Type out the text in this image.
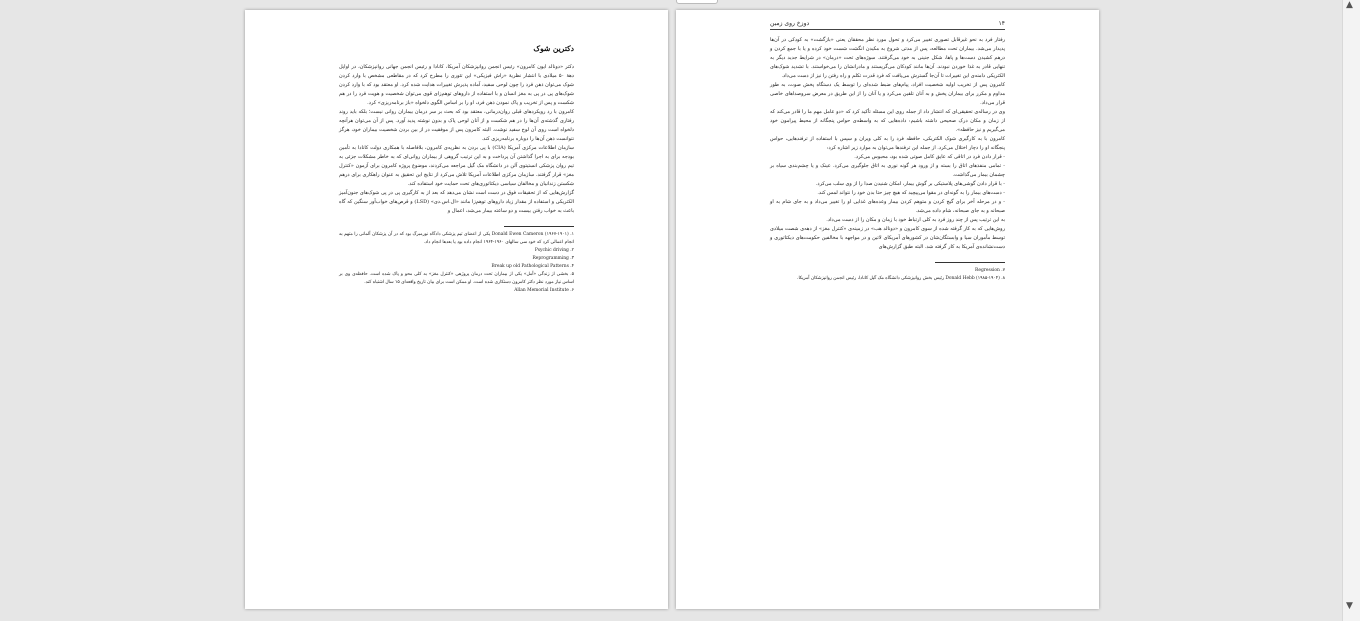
▲
▼
دکترین شوک

دکتر «دونالد ایون کامرون» رئیس انجمن روانپزشکان آمریکا، کانادا و رئیس انجمن جهانی روانپزشکان، در اوایل دههٔ ۵۰ میلادی با انتشار نظریهٔ «راش فیزیکی» این تئوری را مطرح کرد که در مقاطعی مشخص با وارد کردن شوک می‌توان ذهن فرد را چون لوحی سفید، آماده پذیرش تغییرات هدایت شده کرد. او معتقد بود که با وارد کردن شوک‌های پی در پی به مغز انسان و با استفاده از داروهای توهم‌زای قوی می‌توان شخصیت و هویت فرد را در هم شکست و پس از تخریب و پاک نمودن ذهن فرد، او را بر اساس الگوی دلخواه «باز برنامه‌ریزی» کرد.

کامرون با رد رویکردهای قبلی روان‌درمانی، معتقد بود که بحث بر سر درمان بیماران روانی نیست؛ بلکه باید روند رفتاری گذشته‌ی آن‌ها را در هم شکست و از آنان لوحی پاک و بدون نوشته پدید آورد. پس از آن می‌توان هرآنچه دلخواه است روی آن لوح سفید نوشت. البته کامرون پس از موفقیت در از بین بردن شخصیت بیماران خود، هرگز نتوانست ذهن آن‌ها را دوباره برنامه‌ریزی کند.

سازمان اطلاعات مرکزی آمریکا (CIA) با پی بردن به نظریه‌ی کامرون، بلافاصله با همکاری دولت کانادا به تأمین بودجه برای به اجرا گذاشتن آن پرداخت و به این ترتیب گروهی از بیماران روانی‌ای که به خاطر مشکلات جزئی به تیم روان پزشکی انستیتوی آلن در دانشگاه مک گیل مراجعه می‌کردند، موضوع پروژه کامرون برای آزمون «کنترل مغز» قرار گرفتند. سازمان مرکزی اطلاعات آمریکا تلاش می‌کرد از نتایج این تحقیق به عنوان راهکاری برای درهم شکستن زندانیان و مخالفان سیاسی دیکتاتوری‌های تحت حمایت خود استفاده کند.

گزارش‌هایی که از تحقیقات فوق در دست است نشان می‌دهد که بعد از به کارگیری پی در پی شوک‌های جنون‌آمیز الکتریکی و استفاده از مقدار زیاد داروهای توهم‌زا مانند «ال.اس.دی» (LSD) و قرص‌های خواب‌آور سنگین که گاه باعث به خواب رفتن بیست و دو ساعته بیمار می‌شد، اعمال و

۱. Donald Ewen Cameron (۱۹۶۷-۱۹۰۱) یکی از اعضای تیم پزشکی دادگاه نورمبرگ بود که در آن پزشکان آلمانی را متهم به انجام اعمالی کرد که خود سی سالهای ۱۹۶۰-۱۹۶۴ انجام داده بود یا بعدها انجام داد.

۲. Psychic driving

۳. Reprogramming

۴. Break up old Pathological Patterns

۵. بخشی از زندگی «آمل» یکی از بیماران تحت درمان پروژهی «کنترل مغز» به کلی محو و پاک شده است. حافظه‌ی وی بر اساس نیاز مورد نظر دکتر کامرون دستکاری شده است. او ممکن است برای بیان تاریخ واقعه‌ای ۱۵ سال اشتباه کند.

۶. Allan Memorial Institute

۱۴
دوزخ روی زمین

رفتار فرد به نحو غیرقابل تصوری تغییر می‌کرد و تحول مورد نظر محققان یعنی «بازگشت» به کودکی در آن‌ها پدیدار می‌شد. بیماران تحت مطالعه، پس از مدتی شروع به مکیدن انگشت شست خود کرده و یا با جمع کردن و درهم کشیدن دست‌ها و پاها، شکل جنینی به خود می‌گرفتند. سوژه‌های تحت «درمان» در شرایط جدید دیگر به تنهایی قادر به غذا خوردن نبودند. آن‌ها مانند کودکان می‌گریستند و مادرانشان را می‌خواستند. با تشدید شوک‌های الکتریکی دامنه‌ی این تغییرات تا آن‌جا گسترش می‌یافت که فرد قدرت تکلم و راه رفتن را نیز از دست می‌داد.

کامرون پس از تخریب اولیه شخصیت افراد، پیام‌های ضبط شده‌ای را توسط یک دستگاه پخش صوت، به طور مداوم و مکرر برای بیماران پخش و به آنان تلقین می‌کرد و یا آنان را از این طریق در معرض سروصداهای خاصی قرار می‌داد.

وی در رساله‌ی تحقیقی‌ای که انتشار داد از جمله روی این مسئله تأکید کرد که «دو عامل مهم ما را قادر می‌کند که از زمان و مکان درک صحیحی داشته باشیم: داده‌هایی که به واسطه‌ی حواس پنجگانه از محیط پیرامون خود می‌گیریم و نیز حافظه».

کامرون با به کارگیری شوک الکتریکی، حافظه فرد را به کلی ویران و سپس با استفاده از ترفندهایی، حواس پنجگانه او را دچار اختلال می‌کرد. از جمله این ترفندها می‌توان به موارد زیر اشاره کرد:

- قرار دادن فرد در اتاقی که عایق کامل صوتی شده بود، محبوس می‌کرد.

- تمامی منفذهای اتاق را بسته و از ورود هر گونه نوری به اتاق جلوگیری می‌کرد. عینک و یا چشم‌بندی سیاه بر چشمان بیمار می‌گذاشت.

- با قرار دادن گوشی‌های پلاستیکی بر گوش بیمار، امکان شنیدن صدا را از وی سلب می‌کرد.

- دست‌های بیمار را به گونه‌ای در مقوا می‌پیچید که هیچ چیز حتا بدن خود را نتواند لمس کند.

- و در مرحله آخر برای گیج کردن و متوهم کردن بیمار وعده‌های غذایی او را تغییر می‌داد و به جای شام به او صبحانه و به جای صبحانه، شام داده می‌شد.

به این ترتیب پس از چند روز فرد به کلی ارتباط خود با زمان و مکان را از دست می‌داد.

روش‌هایی که به کار گرفته شده از سوی کامرون و «دونالد هب» در زمینه‌ی «کنترل مغز» از دهه‌ی شصت میلادی توسط مأموران سیا و وابستگان‌شان در کشورهای آمریکای لاتین و در مواجهه با مخالفین حکومت‌های دیکتاتوری و دست‌نشانده‌ی آمریکا به کار گرفته شد. البته طبق گزارش‌های

۷. Regression

۸. Donald Hebb (۱۹۸۵-۱۹۰۴) رئیس بخش روانپزشکی دانشگاه مک گیل کانادا، رئیس انجمن روانپزشکان آمریکا.
